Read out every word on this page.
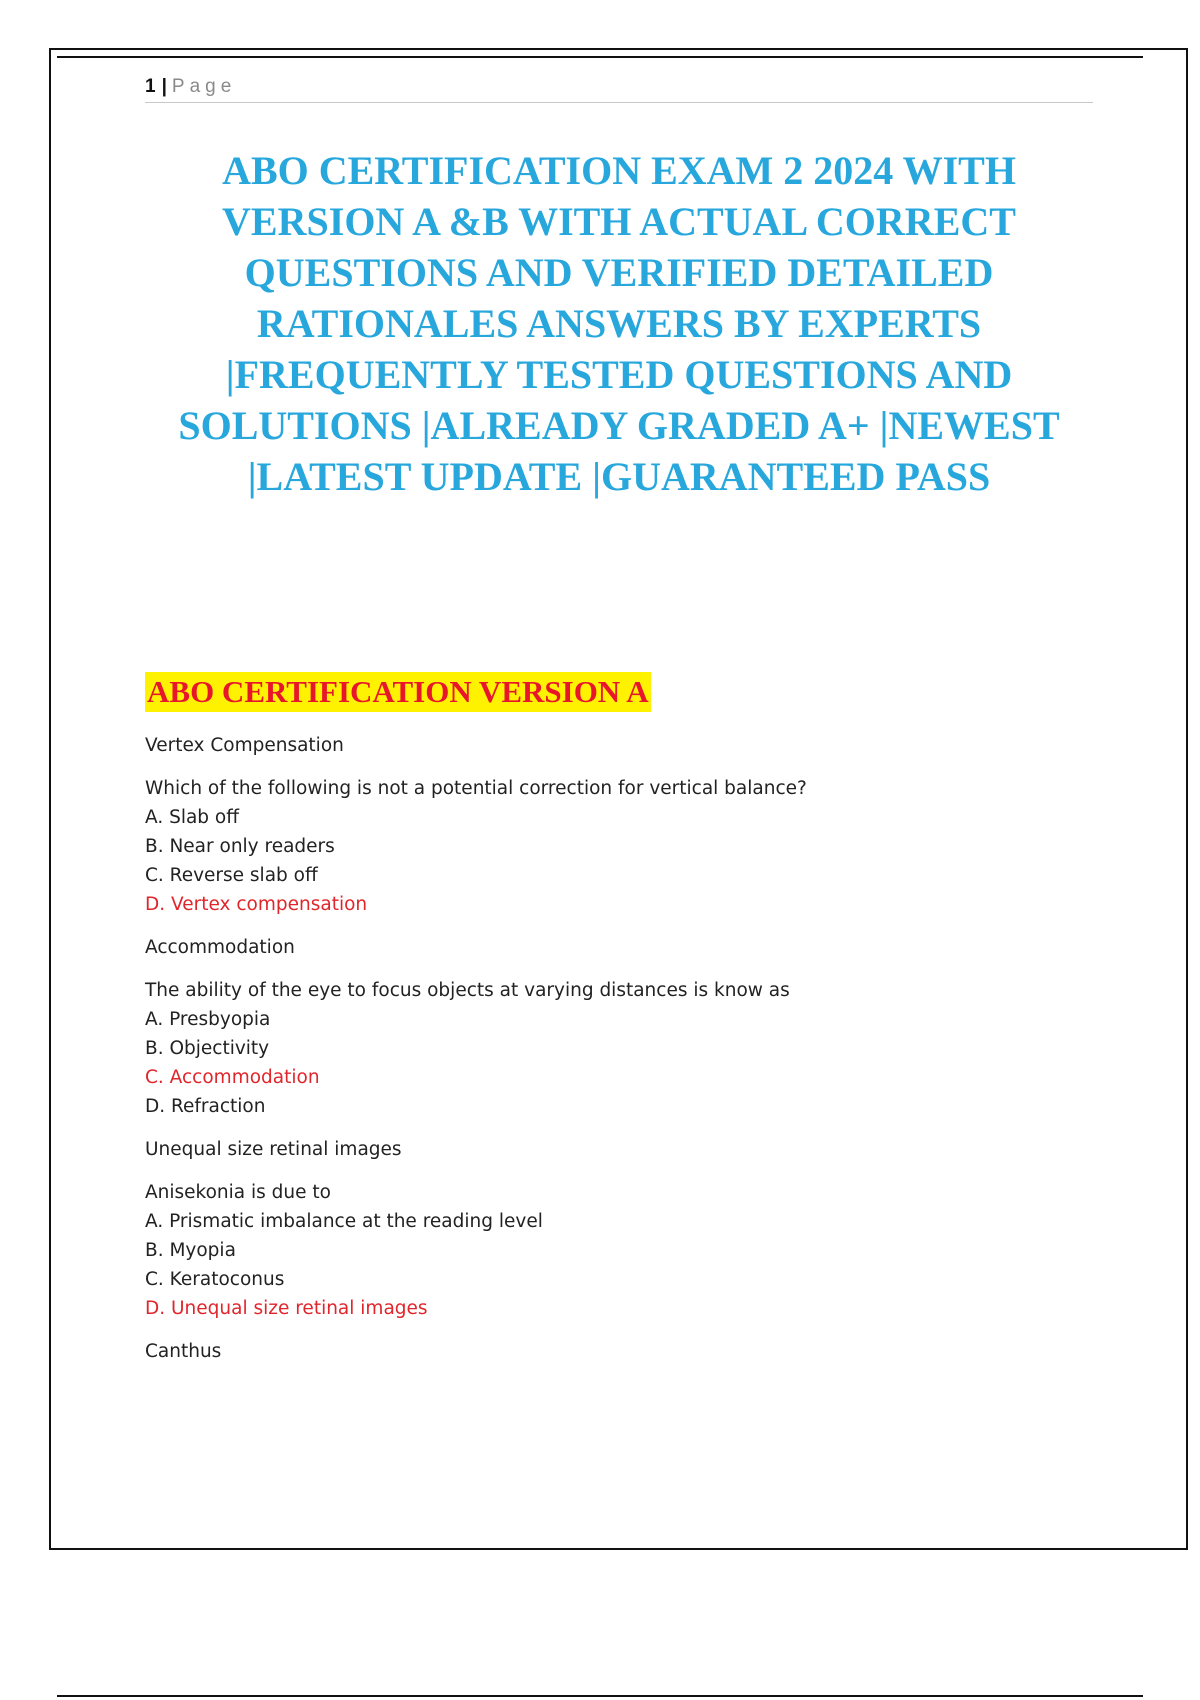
1 | Page
ABO CERTIFICATION EXAM 2 2024 WITH VERSION A &B WITH ACTUAL CORRECT QUESTIONS AND VERIFIED DETAILED RATIONALES ANSWERS BY EXPERTS |FREQUENTLY TESTED QUESTIONS AND SOLUTIONS |ALREADY GRADED A+ |NEWEST |LATEST UPDATE |GUARANTEED PASS
ABO CERTIFICATION VERSION A
Vertex Compensation
Which of the following is not a potential correction for vertical balance?
A. Slab off
B. Near only readers
C. Reverse slab off
D. Vertex compensation
Accommodation
The ability of the eye to focus objects at varying distances is know as
A. Presbyopia
B. Objectivity
C. Accommodation
D. Refraction
Unequal size retinal images
Anisekonia is due to
A. Prismatic imbalance at the reading level
B. Myopia
C. Keratoconus
D. Unequal size retinal images
Canthus
